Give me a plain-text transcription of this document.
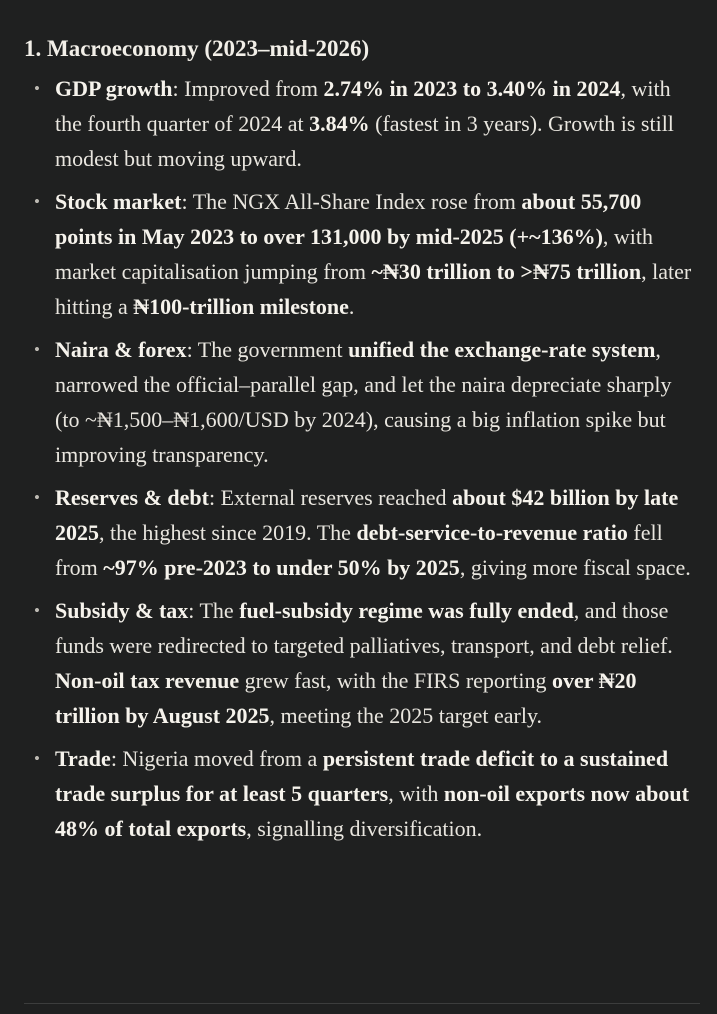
1. Macroeconomy (2023–mid-2026)
• GDP growth: Improved from 2.74% in 2023 to 3.40% in 2024, with the fourth quarter of 2024 at 3.84% (fastest in 3 years). Growth is still modest but moving upward.
• Stock market: The NGX All-Share Index rose from about 55,700 points in May 2023 to over 131,000 by mid-2025 (+~136%), with market capitalisation jumping from ~₦30 trillion to >₦75 trillion, later hitting a ₦100-trillion milestone.
• Naira & forex: The government unified the exchange-rate system, narrowed the official–parallel gap, and let the naira depreciate sharply (to ~₦1,500–₦1,600/USD by 2024), causing a big inflation spike but improving transparency.
• Reserves & debt: External reserves reached about $42 billion by late 2025, the highest since 2019. The debt-service-to-revenue ratio fell from ~97% pre-2023 to under 50% by 2025, giving more fiscal space.
• Subsidy & tax: The fuel-subsidy regime was fully ended, and those funds were redirected to targeted palliatives, transport, and debt relief. Non-oil tax revenue grew fast, with the FIRS reporting over ₦20 trillion by August 2025, meeting the 2025 target early.
• Trade: Nigeria moved from a persistent trade deficit to a sustained trade surplus for at least 5 quarters, with non-oil exports now about 48% of total exports, signalling diversification.
